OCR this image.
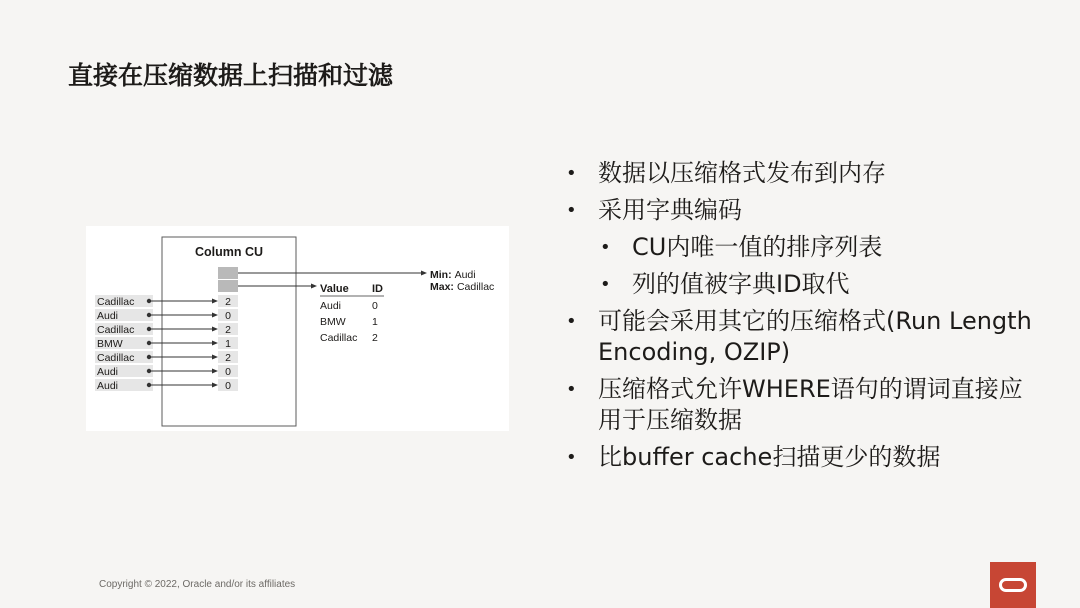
直接在压缩数据上扫描和过滤
Column CU
Min: Audi
Max: Cadillac
Value ID
Audi	0
BMW	1
Cadillac 2
Cadillac	2
Audi	0
Cadillac	2
BMW	1
Cadillac	2
Audi	0
Audi	0
• 数据以压缩格式发布到内存
• 采用字典编码
• CU内唯一值的排序列表
• 列的值被字典ID取代
• 可能会采用其它的压缩格式(Run Length Encoding, OZIP)
• 压缩格式允许WHERE语句的谓词直接应用于压缩数据
• 比buffer cache扫描更少的数据
Copyright © 2022, Oracle and/or its affiliates
